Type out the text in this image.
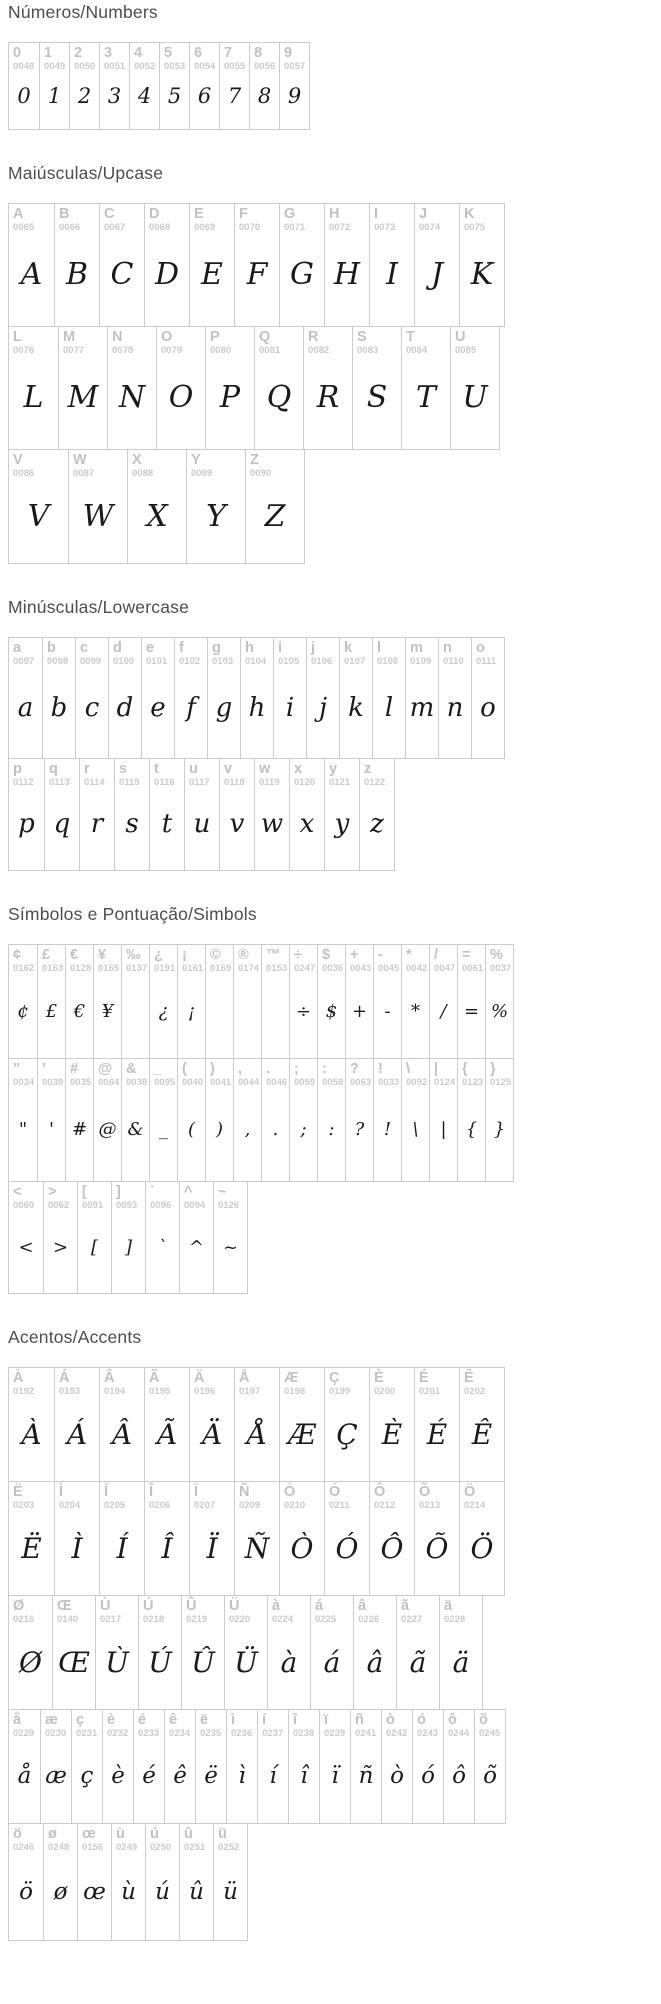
Números/Numbers
0
0048
0
1
0049
1
2
0050
2
3
0051
3
4
0052
4
5
0053
5
6
0054
6
7
0055
7
8
0056
8
9
0057
9
Maiúsculas/Upcase
A
0065
A
B
0066
B
C
0067
C
D
0068
D
E
0069
E
F
0070
F
G
0071
G
H
0072
H
I
0073
I
J
0074
J
K
0075
K
L
0076
L
M
0077
M
N
0078
N
O
0079
O
P
0080
P
Q
0081
Q
R
0082
R
S
0083
S
T
0084
T
U
0085
U
V
0086
V
W
0087
W
X
0088
X
Y
0089
Y
Z
0090
Z
Minúsculas/Lowercase
a
0097
a
b
0098
b
c
0099
c
d
0100
d
e
0101
e
f
0102
f
g
0103
g
h
0104
h
i
0105
i
j
0106
j
k
0107
k
l
0108
l
m
0109
m
n
0110
n
o
0111
o
p
0112
p
q
0113
q
r
0114
r
s
0115
s
t
0116
t
u
0117
u
v
0118
v
w
0119
w
x
0120
x
y
0121
y
z
0122
z
Símbolos e Pontuação/Simbols
¢
0162
¢
£
0163
£
€
0128
€
¥
0165
¥
‰
0137
¿
0191
¿
¡
0161
¡
©
0169
®
0174
™
0153
÷
0247
÷
$
0036
$
+
0043
+
-
0045
-
*
0042
*
/
0047
/
=
0061
=
%
0037
%
"
0034
"
'
0039
'
#
0035
#
@
0064
@
&
0038
&
_
0095
_
(
0040
(
)
0041
)
,
0044
,
.
0046
.
;
0059
;
:
0058
:
?
0063
?
!
0033
!
\
0092
\
|
0124
|
{
0123
{
}
0125
}
<
0060
<
>
0062
>
[
0091
[
]
0093
]
`
0096
`
^
0094
^
~
0126
~
Acentos/Accents
À
0192
À
Á
0193
Á
Â
0194
Â
Ã
0195
Ã
Ä
0196
Ä
Å
0197
Å
Æ
0198
Æ
Ç
0199
Ç
È
0200
È
É
0201
É
Ê
0202
Ê
Ë
0203
Ë
Ì
0204
Ì
Í
0205
Í
Î
0206
Î
Ï
0207
Ï
Ñ
0209
Ñ
Ò
0210
Ò
Ó
0211
Ó
Ô
0212
Ô
Õ
0213
Õ
Ö
0214
Ö
Ø
0216
Ø
Œ
0140
Œ
Ù
0217
Ù
Ú
0218
Ú
Û
0219
Û
Ü
0220
Ü
à
0224
à
á
0225
á
â
0226
â
ã
0227
ã
ä
0228
ä
å
0229
å
æ
0230
æ
ç
0231
ç
è
0232
è
é
0233
é
ê
0234
ê
ë
0235
ë
ì
0236
ì
í
0237
í
î
0238
î
ï
0239
ï
ñ
0241
ñ
ò
0242
ò
ó
0243
ó
ô
0244
ô
õ
0245
õ
ö
0246
ö
ø
0248
ø
œ
0156
œ
ù
0249
ù
ú
0250
ú
û
0251
û
ü
0252
ü
